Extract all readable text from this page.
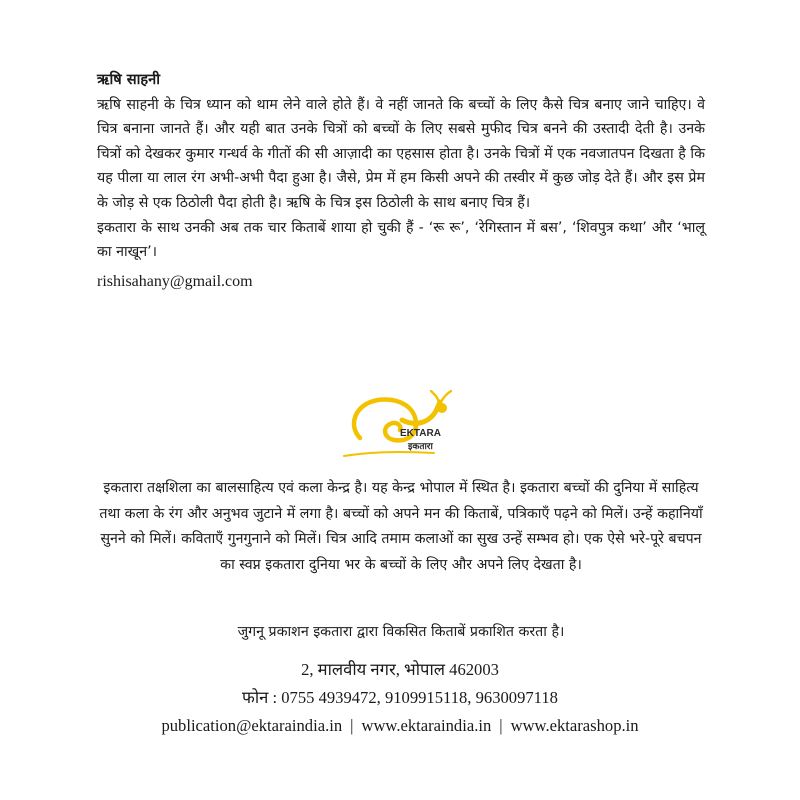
ऋषि साहनी

ऋषि साहनी के चित्र ध्यान को थाम लेने वाले होते हैं। वे नहीं जानते कि बच्चों के लिए कैसे चित्र बनाए जाने चाहिए। वे चित्र बनाना जानते हैं। और यही बात उनके चित्रों को बच्चों के लिए सबसे मुफीद चित्र बनने की उस्तादी देती है। उनके चित्रों को देखकर कुमार गन्धर्व के गीतों की सी आज़ादी का एहसास होता है। उनके चित्रों में एक नवजातपन दिखता है कि यह पीला या लाल रंग अभी-अभी पैदा हुआ है। जैसे, प्रेम में हम किसी अपने की तस्वीर में कुछ जोड़ देते हैं। और इस प्रेम के जोड़ से एक ठिठोली पैदा होती है। ऋषि के चित्र इस ठिठोली के साथ बनाए चित्र हैं।

इकतारा के साथ उनकी अब तक चार किताबें शाया हो चुकी हैं - ‘रू रू’, ‘रेगिस्तान में बस’, ‘शिवपुत्र कथा’ और ‘भालू का नाखून’।

rishisahany@gmail.com

EKTARA
इकतारा

इकतारा तक्षशिला का बालसाहित्य एवं कला केन्द्र है। यह केन्द्र भोपाल में स्थित है। इकतारा बच्चों की दुनिया में साहित्य तथा कला के रंग और अनुभव जुटाने में लगा है। बच्चों को अपने मन की किताबें, पत्रिकाएँ पढ़ने को मिलें। उन्हें कहानियाँ सुनने को मिलें। कविताएँ गुनगुनाने को मिलें। चित्र आदि तमाम कलाओं का सुख उन्हें सम्भव हो। एक ऐसे भरे-पूरे बचपन का स्वप्न इकतारा दुनिया भर के बच्चों के लिए और अपने लिए देखता है।

जुगनू प्रकाशन इकतारा द्वारा विकसित किताबें प्रकाशित करता है।

2, मालवीय नगर, भोपाल 462003

फोन : 0755 4939472, 9109915118, 9630097118

publication@ektaraindia.in | www.ektaraindia.in | www.ektarashop.in
